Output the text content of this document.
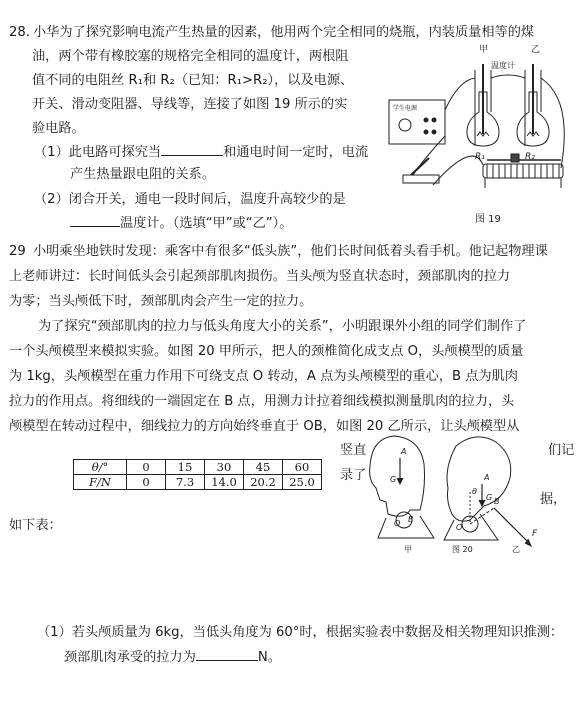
28. 小华为了探究影响电流产生热量的因素，他用两个完全相同的烧瓶，内装质量相等的煤
油，两个带有橡胶塞的规格完全相同的温度计，两根阻
值不同的电阻丝 R₁和 R₂（已知：R₁>R₂），以及电源、
开关、滑动变阻器、导线等，连接了如图 19 所示的实
验电路。
（1）此电路可探究当	和通电时间一定时，电流
产生热量跟电阻的关系。
（2）闭合开关，通电一段时间后，温度升高较少的是
温度计。（选填“甲”或“乙”）。
甲	乙
温度计
学生电源
R₁	R₂
图 19
29 小明乘坐地铁时发现：乘客中有很多“低头族”，他们长时间低着头看手机。他记起物理课
上老师讲过：长时间低头会引起颈部肌肉损伤。当头颅为竖直状态时，颈部肌肉的拉力
为零；当头颅低下时，颈部肌肉会产生一定的拉力。
为了探究“颈部肌肉的拉力与低头角度大小的关系”，小明跟课外小组的同学们制作了
一个头颅模型来模拟实验。如图 20 甲所示，把人的颈椎简化成支点 O，头颅模型的质量
为 1kg，头颅模型在重力作用下可绕支点 O 转动，A 点为头颅模型的重心，B 点为肌肉
拉力的作用点。将细线的一端固定在 B 点，用测力计拉着细线模拟测量肌肉的拉力，头
颅模型在转动过程中，细线拉力的方向始终垂直于 OB，如图 20 乙所示，让头颅模型从
竖直	们记
录了
据，
如下表：
θ/°	0	15	30	45	60
F/N	0	7.3	14.0	20.2	25.0
A
G
O B
A
G
θ
O
B
F
甲	图 20	乙
（1）若头颅质量为 6kg，当低头角度为 60°时，根据实验表中数据及相关物理知识推测：
颈部肌肉承受的拉力为	N。
